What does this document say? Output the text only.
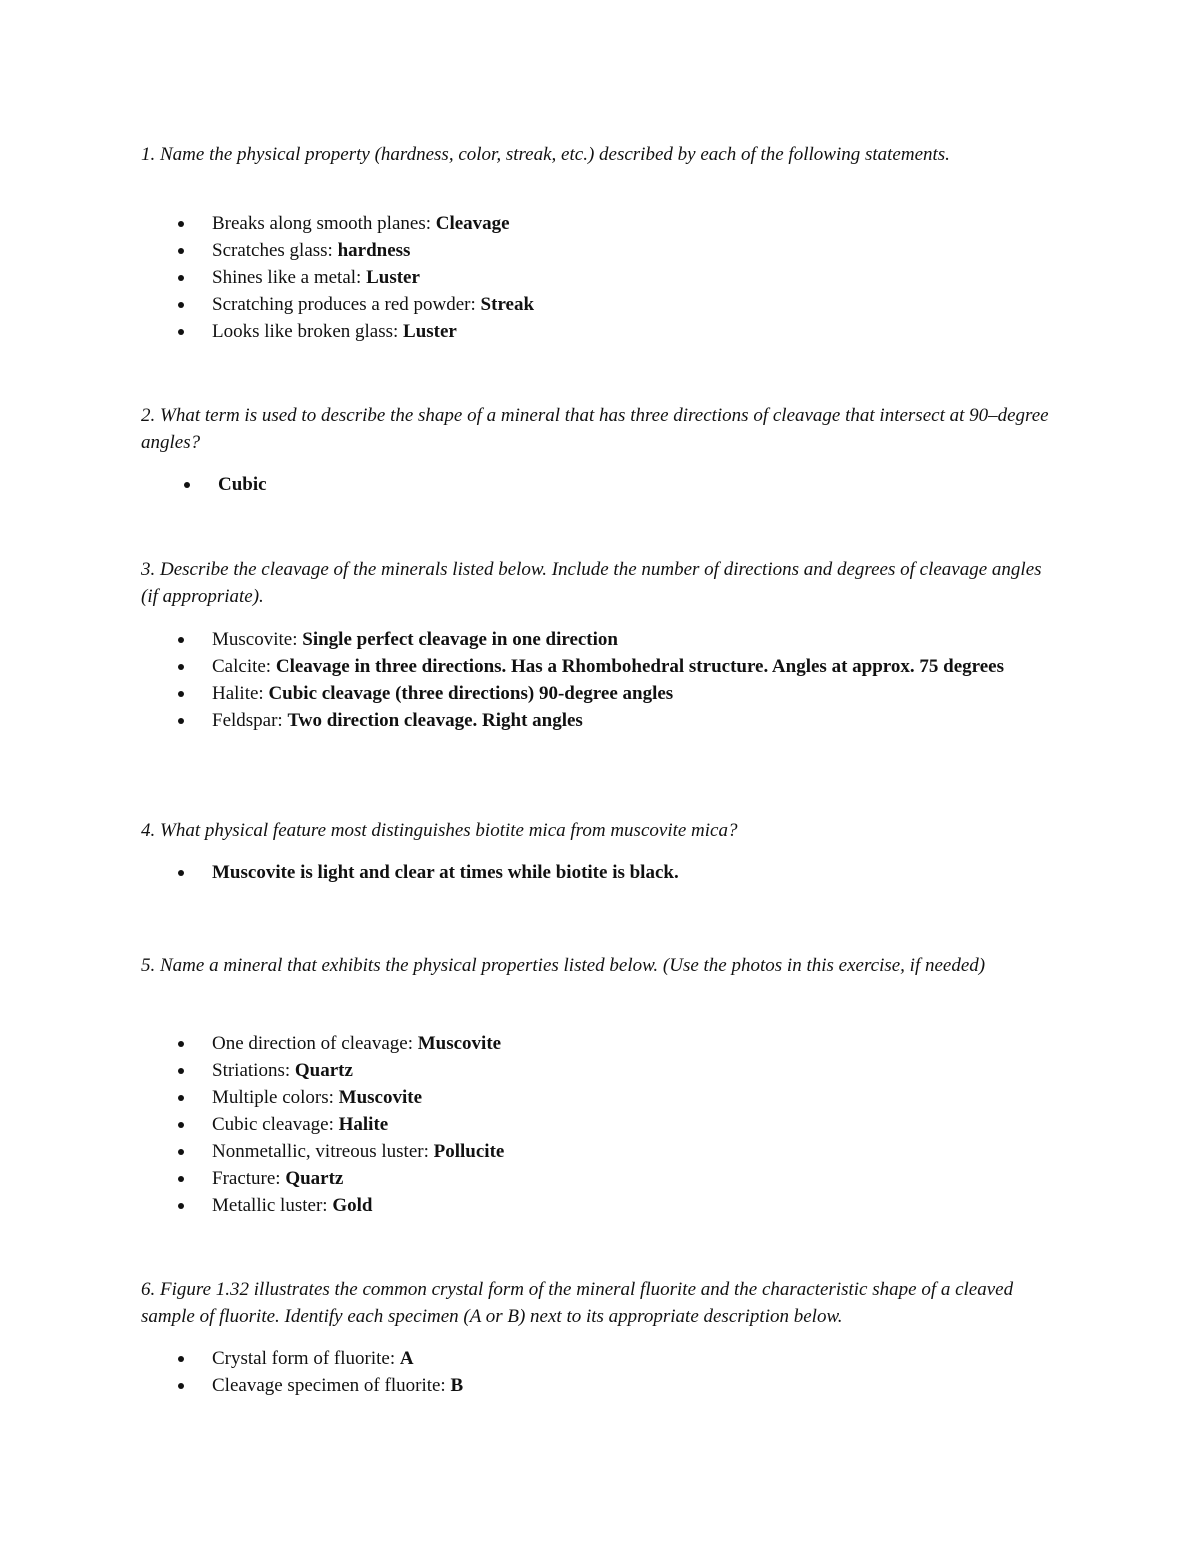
1. Name the physical property (hardness, color, streak, etc.) described by each of the following statements.

Breaks along smooth planes: Cleavage
Scratches glass: hardness
Shines like a metal: Luster
Scratching produces a red powder: Streak
Looks like broken glass: Luster

2. What term is used to describe the shape of a mineral that has three directions of cleavage that intersect at 90–degree angles?

Cubic

3. Describe the cleavage of the minerals listed below. Include the number of directions and degrees of cleavage angles (if appropriate).

Muscovite: Single perfect cleavage in one direction
Calcite: Cleavage in three directions. Has a Rhombohedral structure. Angles at approx. 75 degrees
Halite: Cubic cleavage (three directions) 90-degree angles
Feldspar: Two direction cleavage. Right angles

4. What physical feature most distinguishes biotite mica from muscovite mica?

Muscovite is light and clear at times while biotite is black.

5. Name a mineral that exhibits the physical properties listed below. (Use the photos in this exercise, if needed)

One direction of cleavage: Muscovite
Striations: Quartz
Multiple colors: Muscovite
Cubic cleavage: Halite
Nonmetallic, vitreous luster: Pollucite
Fracture: Quartz
Metallic luster: Gold

6. Figure 1.32 illustrates the common crystal form of the mineral fluorite and the characteristic shape of a cleaved sample of fluorite. Identify each specimen (A or B) next to its appropriate description below.

Crystal form of fluorite: A
Cleavage specimen of fluorite: B
